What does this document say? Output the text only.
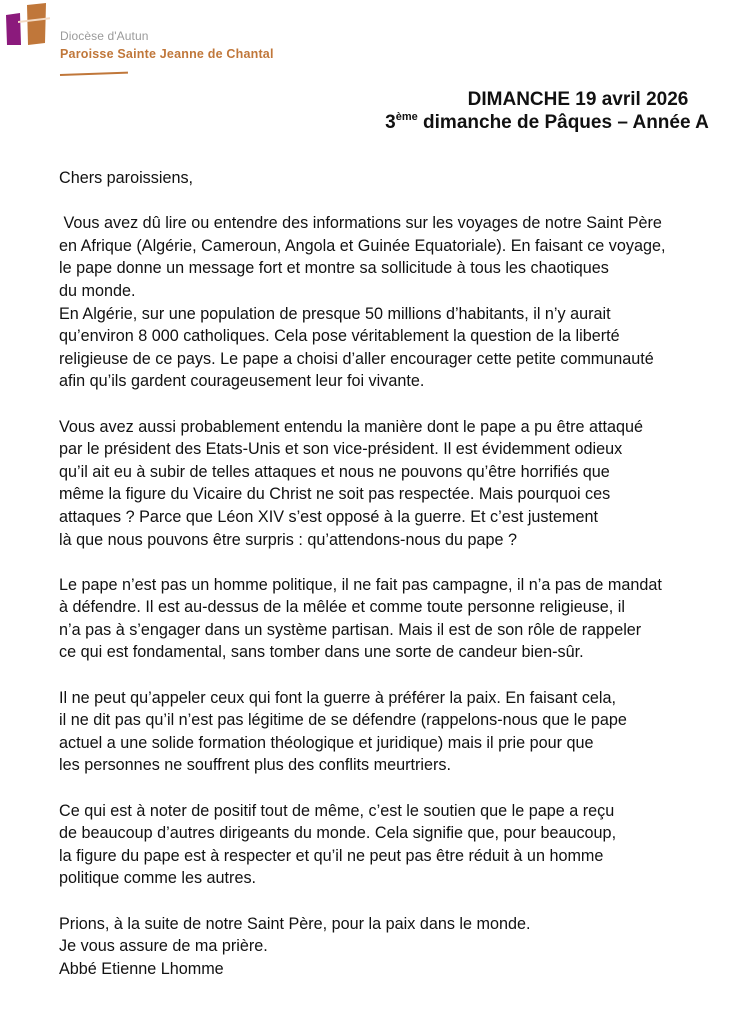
Diocèse d'Autun
Paroisse Sainte Jeanne de Chantal
DIMANCHE 19 avril 2026
3ème dimanche de Pâques – Année A

Chers paroissiens,

Vous avez dû lire ou entendre des informations sur les voyages de notre Saint Père
en Afrique (Algérie, Cameroun, Angola et Guinée Equatoriale). En faisant ce voyage,
le pape donne un message fort et montre sa sollicitude à tous les chaotiques
du monde.
En Algérie, sur une population de presque 50 millions d’habitants, il n’y aurait
qu’environ 8 000 catholiques. Cela pose véritablement la question de la liberté
religieuse de ce pays. Le pape a choisi d’aller encourager cette petite communauté
afin qu’ils gardent courageusement leur foi vivante.

Vous avez aussi probablement entendu la manière dont le pape a pu être attaqué
par le président des Etats-Unis et son vice-président. Il est évidemment odieux
qu’il ait eu à subir de telles attaques et nous ne pouvons qu’être horrifiés que
même la figure du Vicaire du Christ ne soit pas respectée. Mais pourquoi ces
attaques ? Parce que Léon XIV s’est opposé à la guerre. Et c’est justement
là que nous pouvons être surpris : qu’attendons-nous du pape ?

Le pape n’est pas un homme politique, il ne fait pas campagne, il n’a pas de mandat
à défendre. Il est au-dessus de la mêlée et comme toute personne religieuse, il
n’a pas à s’engager dans un système partisan. Mais il est de son rôle de rappeler
ce qui est fondamental, sans tomber dans une sorte de candeur bien-sûr.

Il ne peut qu’appeler ceux qui font la guerre à préférer la paix. En faisant cela,
il ne dit pas qu’il n’est pas légitime de se défendre (rappelons-nous que le pape
actuel a une solide formation théologique et juridique) mais il prie pour que
les personnes ne souffrent plus des conflits meurtriers.

Ce qui est à noter de positif tout de même, c’est le soutien que le pape a reçu
de beaucoup d’autres dirigeants du monde. Cela signifie que, pour beaucoup,
la figure du pape est à respecter et qu’il ne peut pas être réduit à un homme
politique comme les autres.

Prions, à la suite de notre Saint Père, pour la paix dans le monde.
Je vous assure de ma prière.
Abbé Etienne Lhomme
